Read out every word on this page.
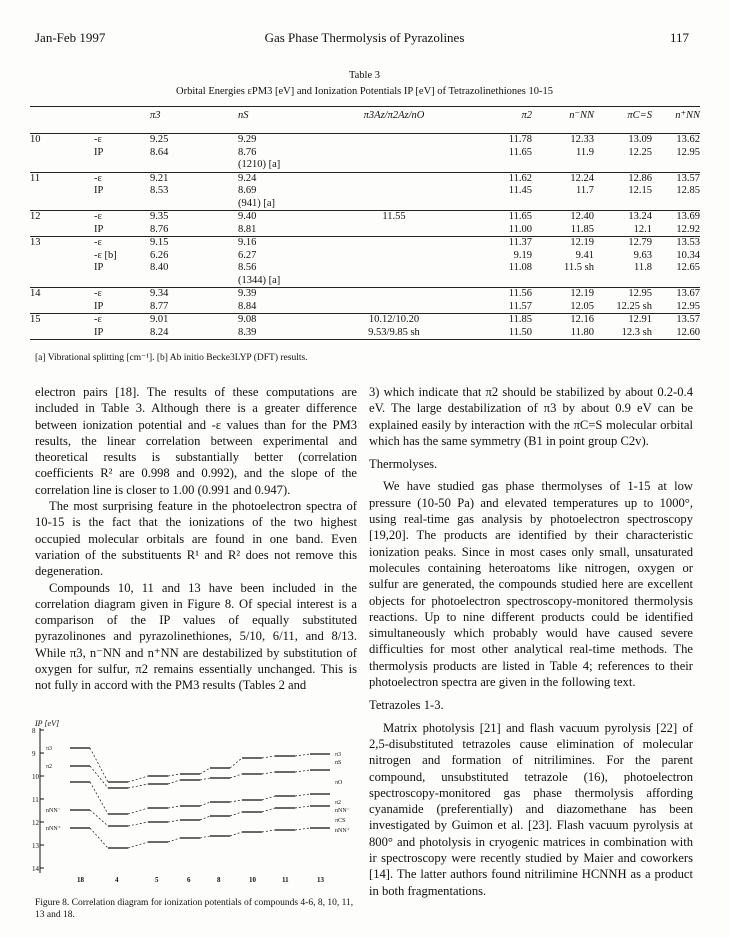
Jan-Feb 1997	Gas Phase Thermolysis of Pyrazolines	117
Table 3
Orbital Energies εPM3 [eV] and Ionization Potentials IP [eV] of Tetrazolinethiones 10-15
		π3	nS	π3Az/π2Az/nO	π2	n⁻NN	πC=S	n⁺NN
10	-ε	9.25	9.29		11.78	12.33	13.09	13.62
	IP	8.64	8.76		11.65	11.9	12.25	12.95
			(1210) [a]					
11	-ε	9.21	9.24		11.62	12.24	12.86	13.57
	IP	8.53	8.69		11.45	11.7	12.15	12.85
			(941) [a]					
12	-ε	9.35	9.40	11.55	11.65	12.40	13.24	13.69
	IP	8.76	8.81		11.00	11.85	12.1	12.92
13	-ε	9.15	9.16		11.37	12.19	12.79	13.53
	-ε [b]	6.26	6.27		9.19	9.41	9.63	10.34
	IP	8.40	8.56		11.08	11.5 sh	11.8	12.65
			(1344) [a]					
14	-ε	9.34	9.39		11.56	12.19	12.95	13.67
	IP	8.77	8.84		11.57	12.05	12.25 sh	12.95
15	-ε	9.01	9.08	10.12/10.20	11.85	12.16	12.91	13.57
	IP	8.24	8.39	9.53/9.85 sh	11.50	11.80	12.3 sh	12.60
[a] Vibrational splitting [cm⁻¹]. [b] Ab initio Becke3LYP (DFT) results.

electron pairs [18]. The results of these computations are included in Table 3. Although there is a greater difference between ionization potential and -ε values than for the PM3 results, the linear correlation between experimental and theoretical results is substantially better (correlation coefficients R² are 0.998 and 0.992), and the slope of the correlation line is closer to 1.00 (0.991 and 0.947).

The most surprising feature in the photoelectron spectra of 10-15 is the fact that the ionizations of the two highest occupied molecular orbitals are found in one band. Even variation of the substituents R¹ and R² does not remove this degeneration.

Compounds 10, 11 and 13 have been included in the correlation diagram given in Figure 8. Of special interest is a comparison of the IP values of equally substituted pyrazolinones and pyrazolinethiones, 5/10, 6/11, and 8/13. While π3, n⁻NN and n⁺NN are destabilized by substitution of oxygen for sulfur, π2 remains essentially unchanged. This is not fully in accord with the PM3 results (Tables 2 and

3) which indicate that π2 should be stabilized by about 0.2-0.4 eV. The large destabilization of π3 by about 0.9 eV can be explained easily by interaction with the πC=S molecular orbital which has the same symmetry (B1 in point group C2v).

Thermolyses.

We have studied gas phase thermolyses of 1-15 at low pressure (10-50 Pa) and elevated temperatures up to 1000°, using real-time gas analysis by photoelectron spectroscopy [19,20]. The products are identified by their characteristic ionization peaks. Since in most cases only small, unsaturated molecules containing heteroatoms like nitrogen, oxygen or sulfur are generated, the compounds studied here are excellent objects for photoelectron spectroscopy-monitored thermolysis reactions. Up to nine different products could be identified simultaneously which probably would have caused severe difficulties for most other analytical real-time methods. The thermolysis products are listed in Table 4; references to their photoelectron spectra are given in the following text.

Tetrazoles 1-3.

Matrix photolysis [21] and flash vacuum pyrolysis [22] of 2,5-disubstituted tetrazoles cause elimination of molecular nitrogen and formation of nitrilimines. For the parent compound, unsubstituted tetrazole (16), photoelectron spectroscopy-monitored gas phase thermolysis affording cyanamide (preferentially) and diazomethane has been investigated by Guimon et al. [23]. Flash vacuum pyrolysis at 800° and photolysis in cryogenic matrices in combination with ir spectroscopy were recently studied by Maier and coworkers [14]. The latter authors found nitrilimine HCNNH as a product in both fragmentations.

IP [eV]
8
9
10
11
12
13
14
18	4	5	6	8	10	11	13
π3
π2
nNN⁻
nNN⁺
π3
nS
πO
π2
nNN⁻
πCS
nNN⁺
Figure 8. Correlation diagram for ionization potentials of compounds 4-6, 8, 10, 11, 13 and 18.
